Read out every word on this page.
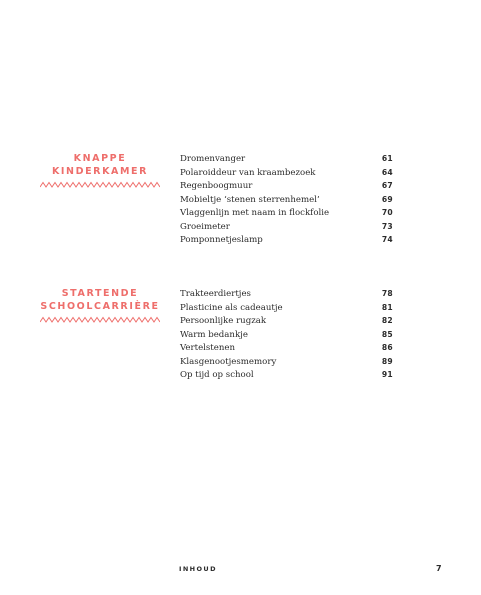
KNAPPE
KINDERKAMER
Dromenvanger	61
Polaroiddeur van kraambezoek	64
Regenboogmuur	67
Mobieltje ‘stenen sterrenhemel’	69
Vlaggenlijn met naam in flockfolie	70
Groeimeter	73
Pomponnetjeslamp	74
STARTENDE
SCHOOLCARRIÈRE
Trakteerdiertjes	78
Plasticine als cadeautje	81
Persoonlijke rugzak	82
Warm bedankje	85
Vertelstenen	86
Klasgenootjesmemory	89
Op tijd op school	91
INHOUD	7
